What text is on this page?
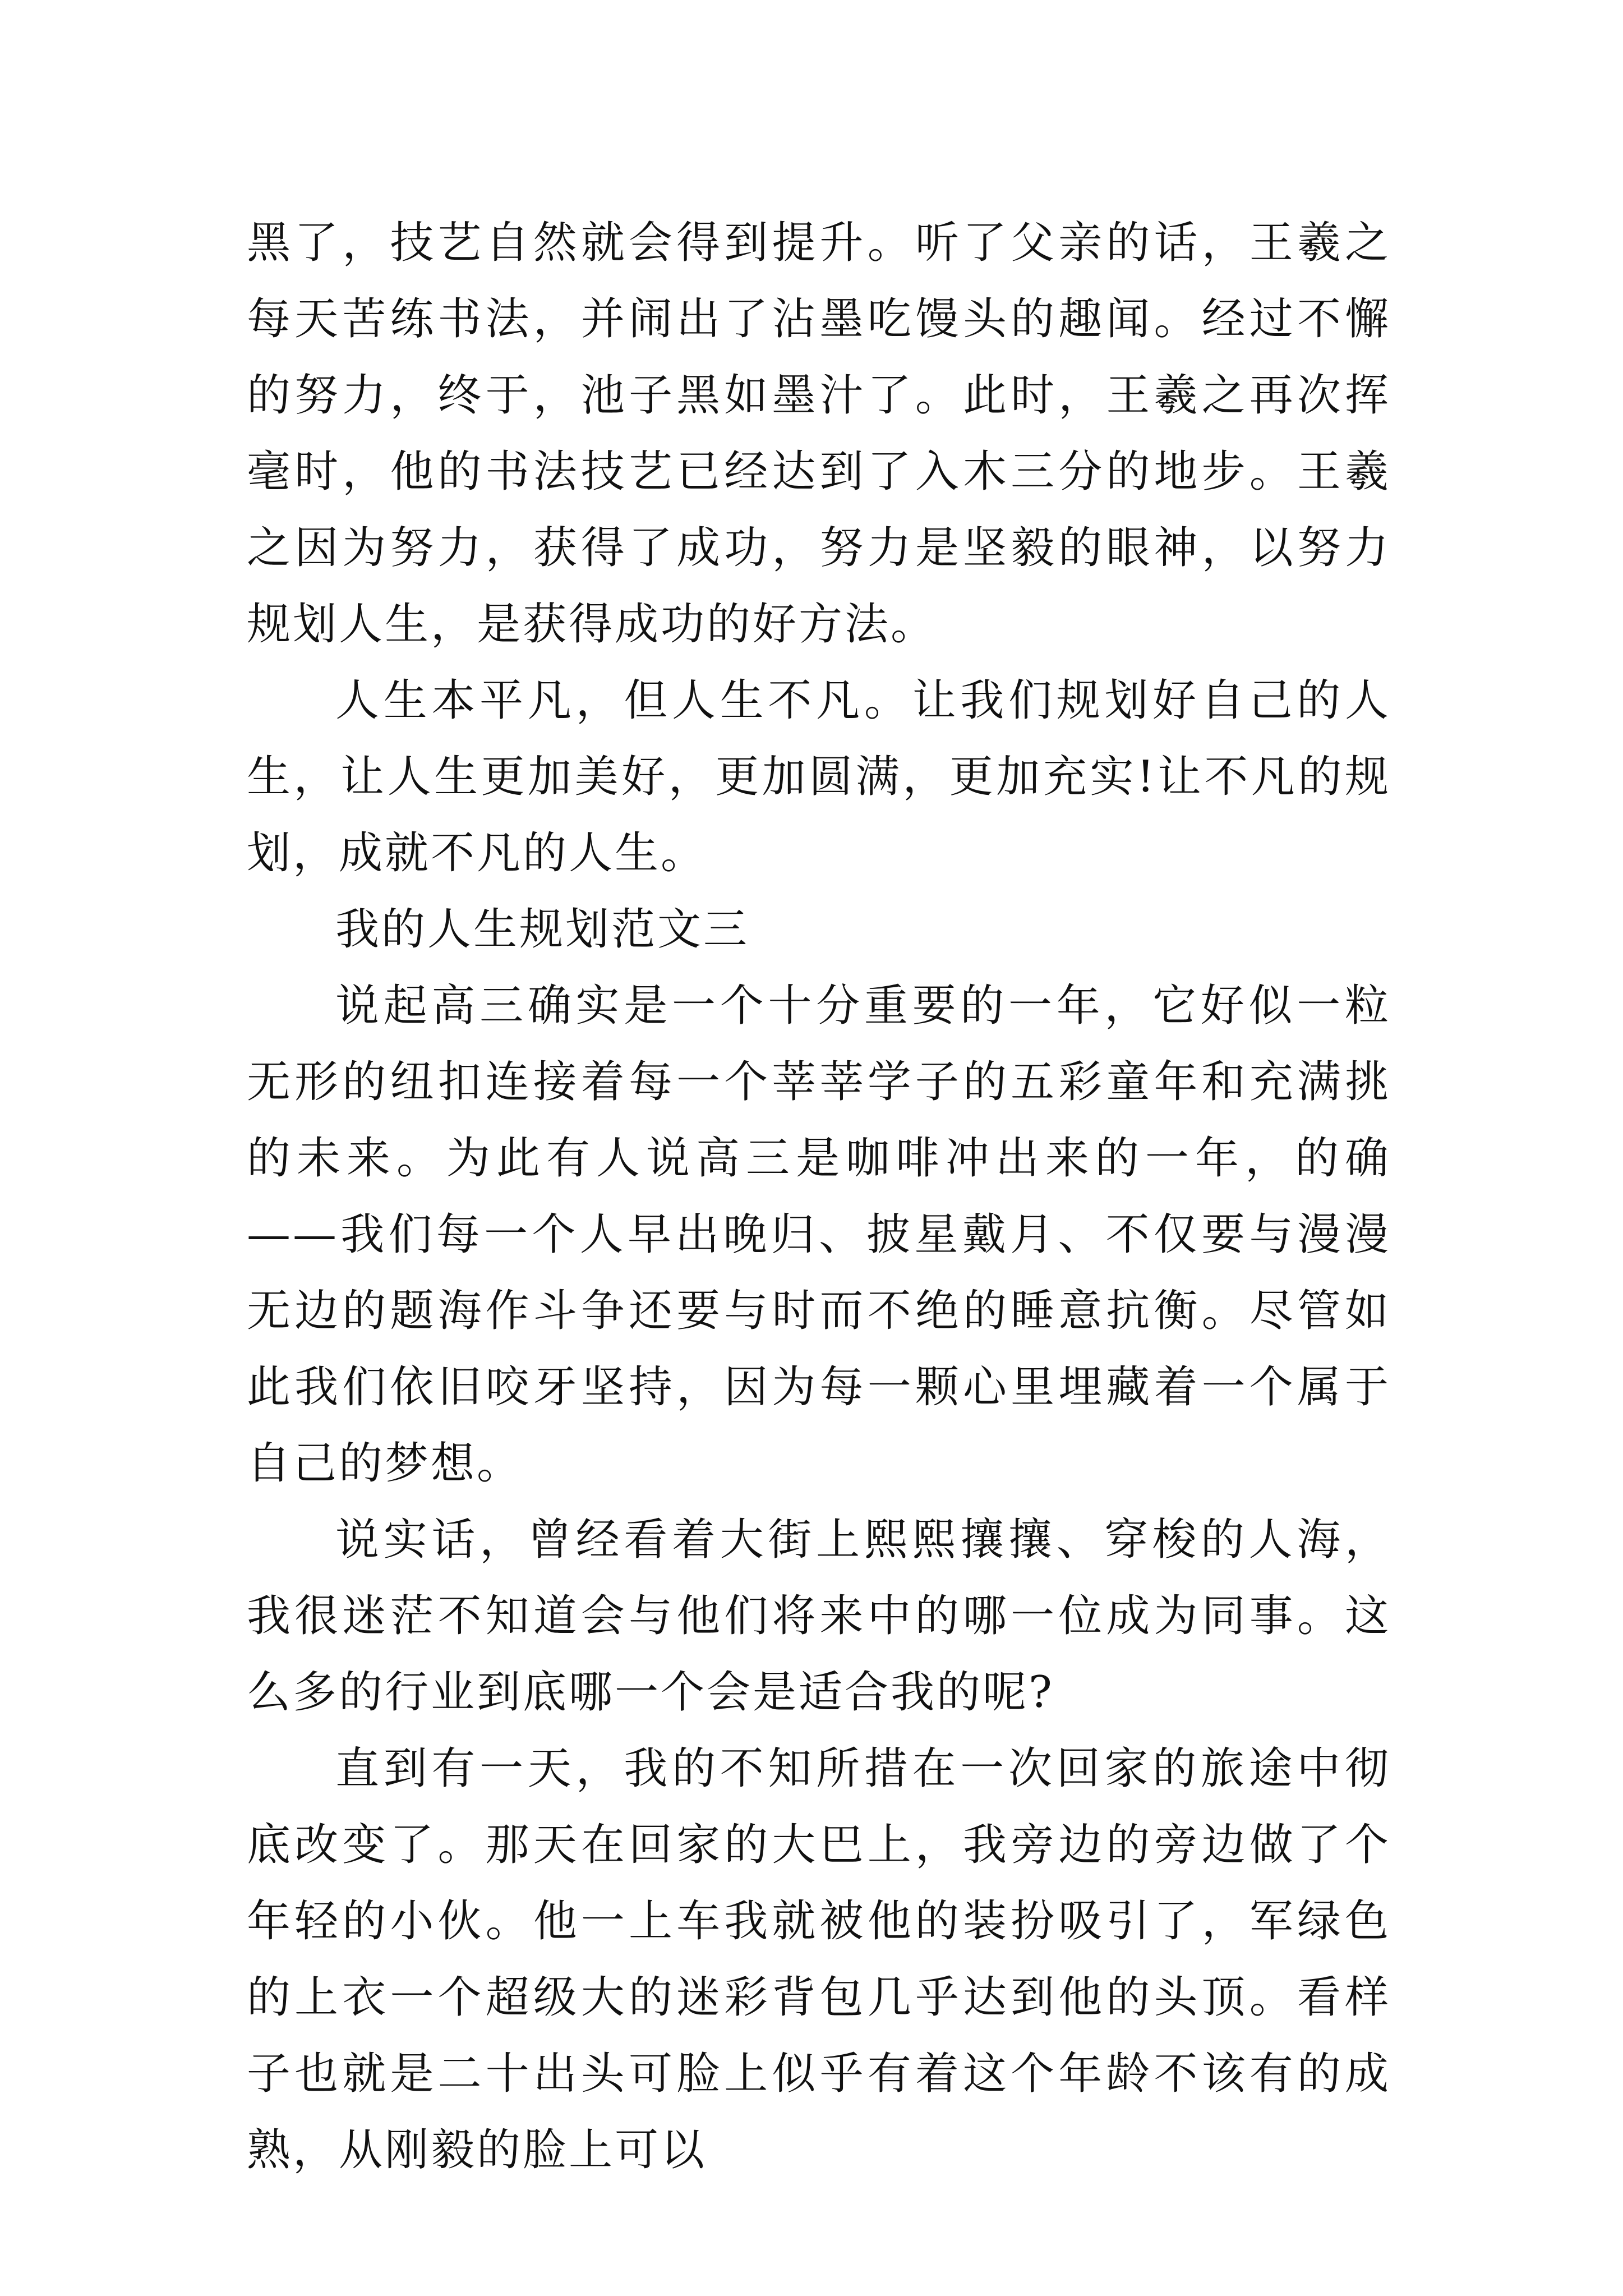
黑了，技艺自然就会得到提升。听了父亲的话，王羲之每天苦练书法，并闹出了沾墨吃馒头的趣闻。经过不懈的努力，终于，池子黑如墨汁了。此时，王羲之再次挥毫时，他的书法技艺已经达到了入木三分的地步。王羲之因为努力，获得了成功，努力是坚毅的眼神，以努力规划人生，是获得成功的好方法。

人生本平凡，但人生不凡。让我们规划好自己的人生，让人生更加美好，更加圆满，更加充实!让不凡的规划，成就不凡的人生。

我的人生规划范文三

说起高三确实是一个十分重要的一年，它好似一粒无形的纽扣连接着每一个莘莘学子的五彩童年和充满挑的未来。为此有人说高三是咖啡冲出来的一年，的确——我们每一个人早出晚归、披星戴月、不仅要与漫漫无边的题海作斗争还要与时而不绝的睡意抗衡。尽管如此我们依旧咬牙坚持，因为每一颗心里埋藏着一个属于自己的梦想。

说实话，曾经看着大街上熙熙攘攘、穿梭的人海，我很迷茫不知道会与他们将来中的哪一位成为同事。这么多的行业到底哪一个会是适合我的呢?

直到有一天，我的不知所措在一次回家的旅途中彻底改变了。那天在回家的大巴上，我旁边的旁边做了个年轻的小伙。他一上车我就被他的装扮吸引了，军绿色的上衣一个超级大的迷彩背包几乎达到他的头顶。看样子也就是二十出头可脸上似乎有着这个年龄不该有的成熟，从刚毅的脸上可以
